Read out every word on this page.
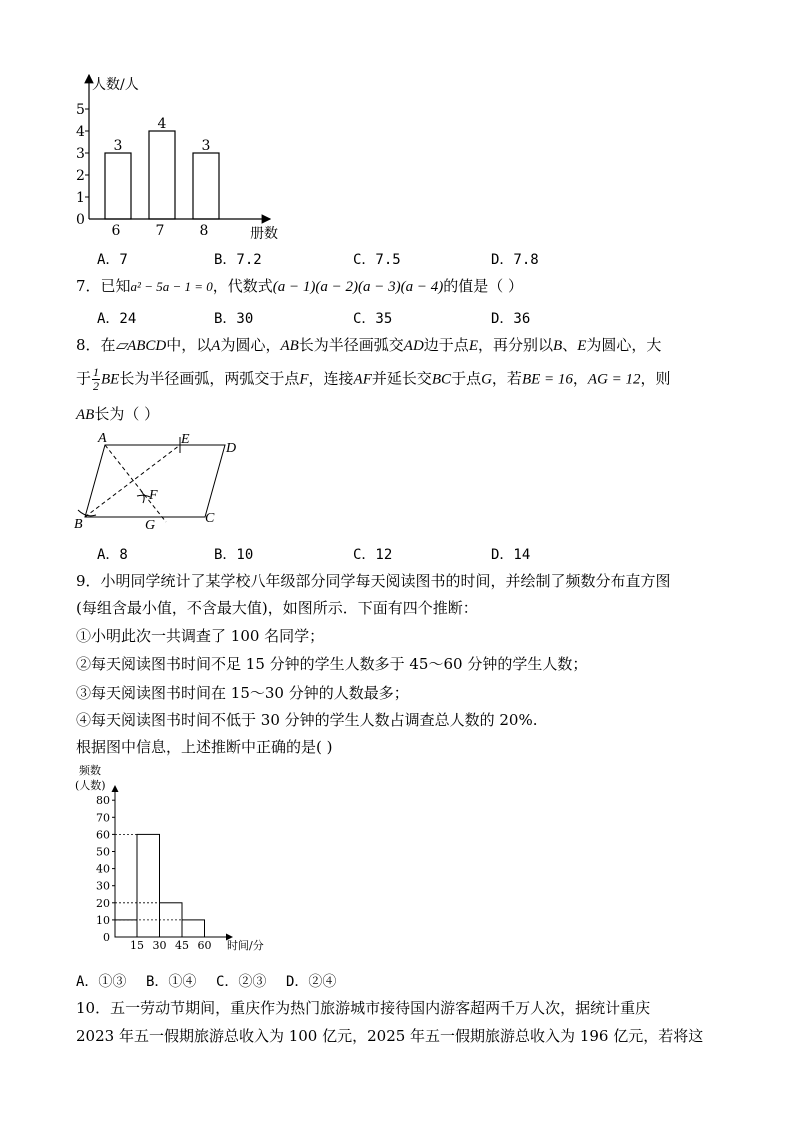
人数/人
册数
0
1
2
3
4
5
3
6
4
7
3
8
A．7	B．7.2	C．7.5	D．7.8
7．已知a² − 5a − 1 = 0，代数式(a − 1)(a − 2)(a − 3)(a − 4)的值是（ ）
A．24	B．30	C．35	D．36
8．在▱ABCD中，以A为圆心，AB长为半径画弧交AD边于点E，再分别以B、E为圆心，大
于 $\frac{1}{2}$ BE长为半径画弧，两弧交于点F，连接AF并延长交BC于点G，若BE = 16，AG = 12，则
AB长为（ ）
A	E
D
F
B	G	C
A．8	B．10	C．12	D．14
9．小明同学统计了某学校八年级部分同学每天阅读图书的时间，并绘制了频数分布直方图
(每组含最小值，不含最大值)，如图所示．下面有四个推断：
①小明此次一共调查了 100 名同学；
②每天阅读图书时间不足 15 分钟的学生人数多于 45～60 分钟的学生人数；
③每天阅读图书时间在 15～30 分钟的人数最多；
④每天阅读图书时间不低于 30 分钟的学生人数占调查总人数的 20%.
根据图中信息，上述推断中正确的是( )
频数
(人数)
时间/分
0
10
20
30
40
50
60
70
80
15 30 45 60
A．①③ B．①④ C．②③ D．②④
10．五一劳动节期间，重庆作为热门旅游城市接待国内游客超两千万人次，据统计重庆
2023 年五一假期旅游总收入为 100 亿元，2025 年五一假期旅游总收入为 196 亿元，若将这
